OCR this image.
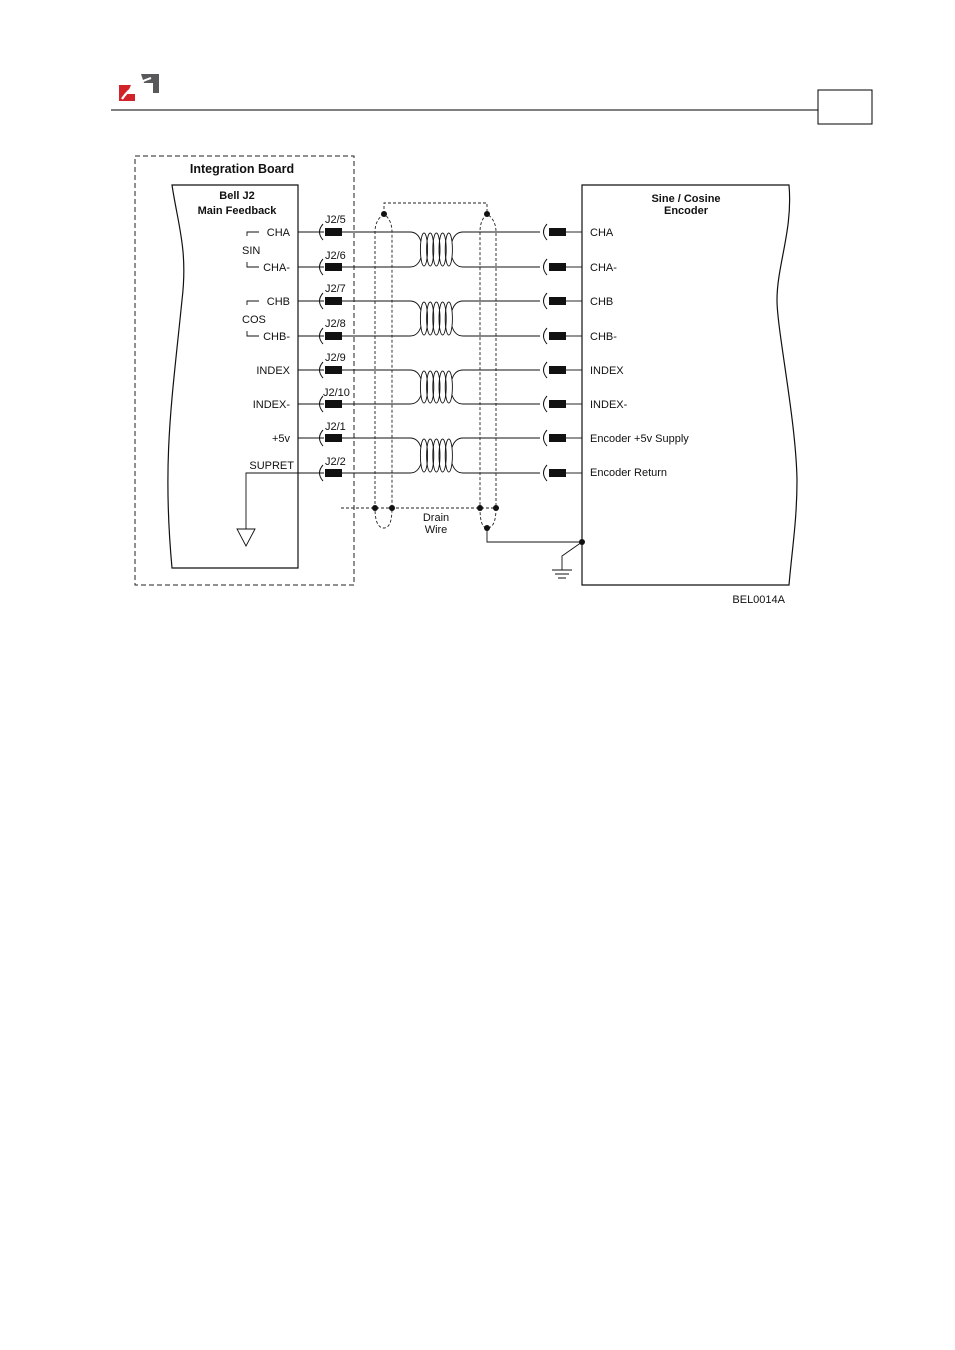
Integration Board
Bell J2
Main Feedback
SIN
COS
CHA
CHA-
CHB
CHB-
INDEX
INDEX-
+5v
SUPRET
J2/5
J2/6
J2/7
J2/8
J2/9
J2/10
J2/1
J2/2
Drain
Wire
Sine / Cosine
Encoder
CHA
CHA-
CHB
CHB-
INDEX
INDEX-
Encoder +5v Supply
Encoder Return
BEL0014A
